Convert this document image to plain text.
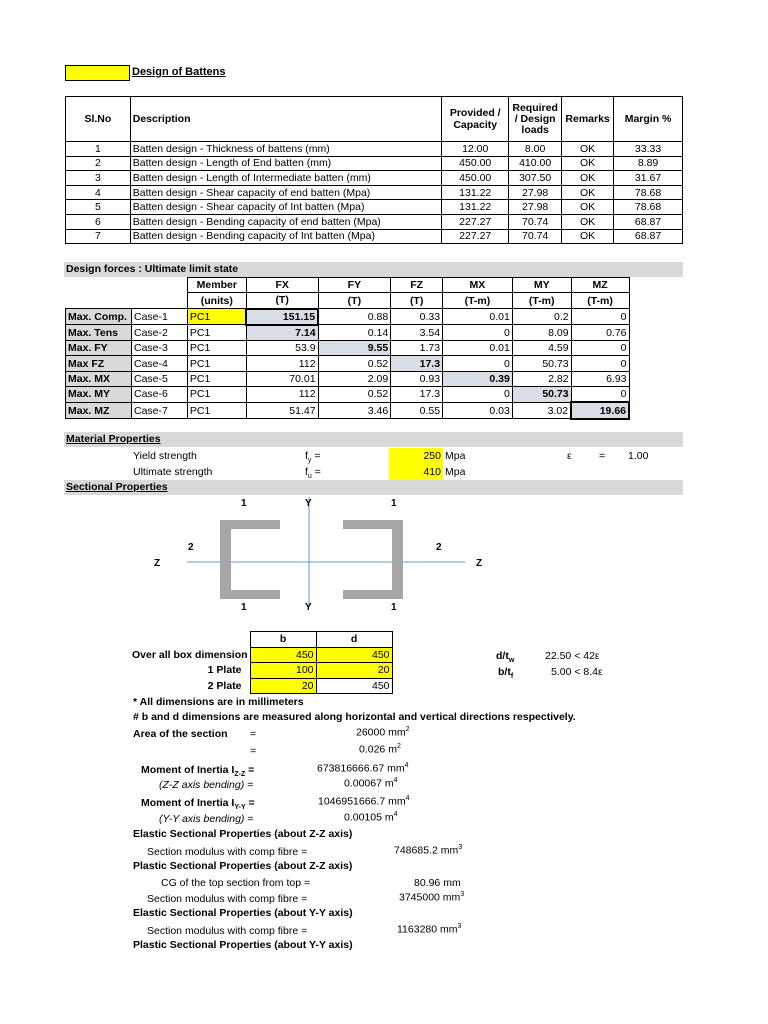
Design of Battens
Sl.No	Description	Provided / Capacity	Required / Design loads	Remarks	Margin %
1	Batten design - Thickness of battens (mm)	12.00	8.00	OK	33.33
2	Batten design - Length of End batten (mm)	450.00	410.00	OK	8.89
3	Batten design - Length of Intermediate batten (mm)	450.00	307.50	OK	31.67
4	Batten design - Shear capacity of end batten (Mpa)	131.22	27.98	OK	78.68
5	Batten design - Shear capacity of Int batten (Mpa)	131.22	27.98	OK	78.68
6	Batten design - Bending capacity of end batten (Mpa)	227.27	70.74	OK	68.87
7	Batten design - Bending capacity of Int batten (Mpa)	227.27	70.74	OK	68.87
Design forces : Ultimate limit state
		Member	FX	FY	FZ	MX	MY	MZ
		(units)	(T)	(T)	(T)	(T-m)	(T-m)	(T-m)
Max. Comp.	Case-1	PC1	151.15	0.88	0.33	0.01	0.2	0
Max. Tens	Case-2	PC1	7.14	0.14	3.54	0	8.09	0.76
Max. FY	Case-3	PC1	53.9	9.55	1.73	0.01	4.59	0
Max FZ	Case-4	PC1	112	0.52	17.3	0	50.73	0
Max. MX	Case-5	PC1	70.01	2.09	0.93	0.39	2.82	6.93
Max. MY	Case-6	PC1	112	0.52	17.3	0	50.73	0
Max. MZ	Case-7	PC1	51.47	3.46	0.55	0.03	3.02	19.66
Material Properties
Yield strength	$f_y$ =	250 Mpa	ε	= 1.00
Ultimate strength	$f_u$ =	410 Mpa
Sectional Properties
1	Y	1
2	2
Z	Z
1	Y	1
	b	d
Over all box dimension	450	450
1 Plate	100	20
2 Plate	20	450
$d/t_w$	22.50 < 42ε
$b/t_f$	5.00 < 8.4ε
* All dimensions are in millimeters
# b and d dimensions are measured along horizontal and vertical directions respectively.
Area of the section =	26000 $mm^2$
=	0.026 $m^2$
Moment of Inertia $I_{Z-Z}$ =	673816666.67 $mm^4$
(Z-Z axis bending) =	0.00067 $m^4$
Moment of Inertia $I_{Y-Y}$ =	1046951666.7 $mm^4$
(Y-Y axis bending) =	0.00105 $m^4$
Elastic Sectional Properties (about Z-Z axis)
Section modulus with comp fibre =	748685.2 $mm^3$
Plastic Sectional Properties (about Z-Z axis)
CG of the top section from top =	80.96 mm
Section modulus with comp fibre =	3745000 $mm^3$
Elastic Sectional Properties (about Y-Y axis)
Section modulus with comp fibre =	1163280 $mm^3$
Plastic Sectional Properties (about Y-Y axis)
